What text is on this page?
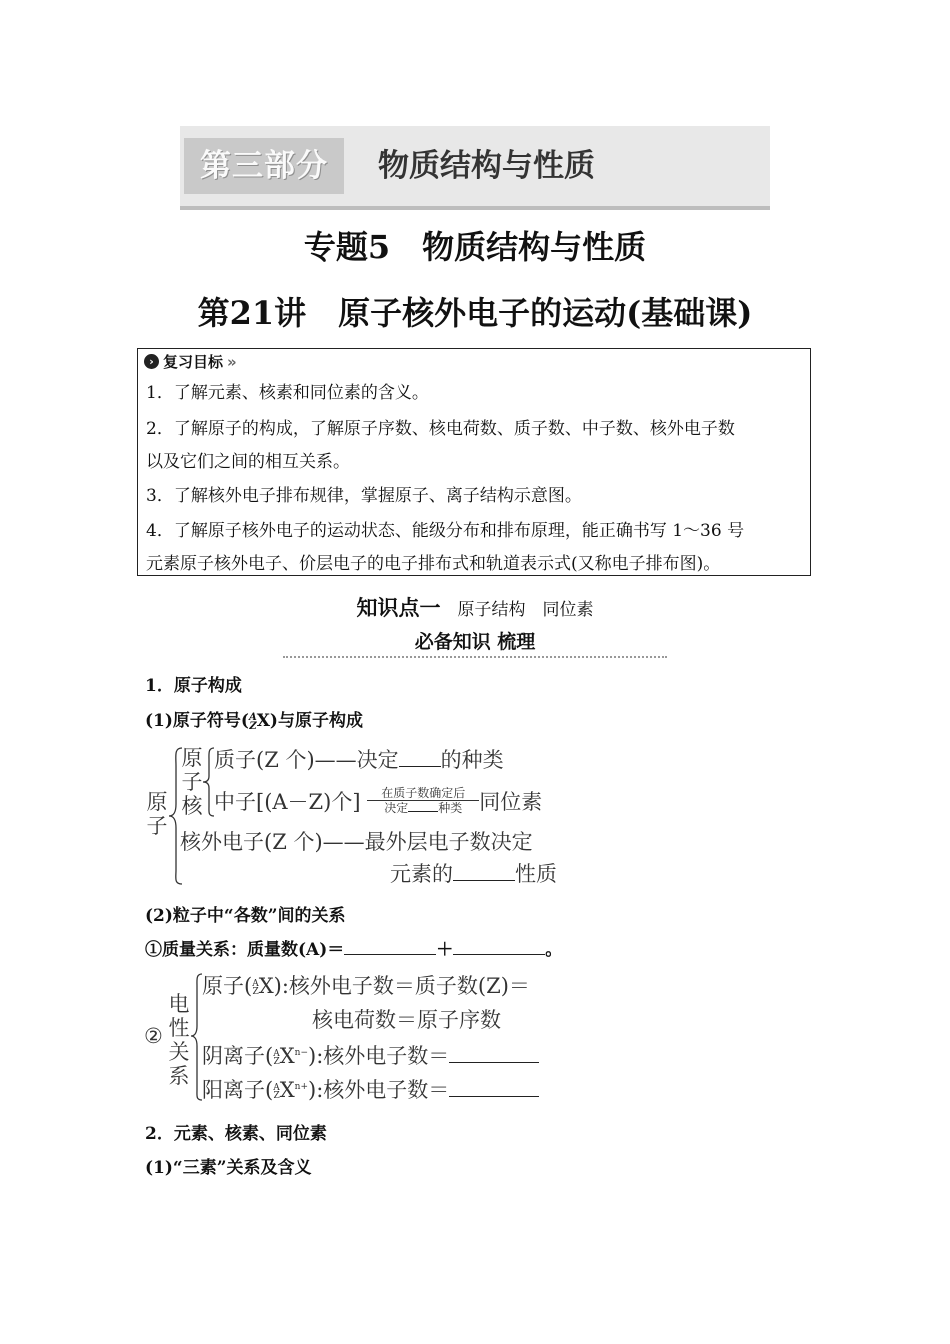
第三部分	物质结构与性质
专题5　物质结构与性质
第21讲　原子核外电子的运动(基础课)
› 复习目标 »
1．了解元素、核素和同位素的含义。
2．了解原子的构成，了解原子序数、核电荷数、质子数、中子数、核外电子数
以及它们之间的相互关系。
3．了解核外电子排布规律，掌握原子、离子结构示意图。
4．了解原子核外电子的运动状态、能级分布和排布原理，能正确书写 1～36 号
元素原子核外电子、价层电子的电子排布式和轨道表示式(又称电子排布图)。
知识点一 原子结构　同位素
必备知识 梳理
1．原子构成
(1)原子符号(A
ZX)与原子构成
原
子
原
子
核
质子(Z 个)——决定 的种类
中子[(A－Z)个]	在质子数确定后
决定	种类 同位素
核外电子(Z 个)——最外层电子数决定
元素的	性质
(2)粒子中“各数”间的关系
①质量关系：质量数(A)＝	＋	。
②
电
性
关
系
原子(A
ZX):核外电子数＝质子数(Z)＝
核电荷数＝原子序数
阴离子(A
$ZX^{n-}$):核外电子数＝
阳离子(A
$ZX^{n+}$):核外电子数＝
2．元素、核素、同位素
(1)“三素”关系及含义
